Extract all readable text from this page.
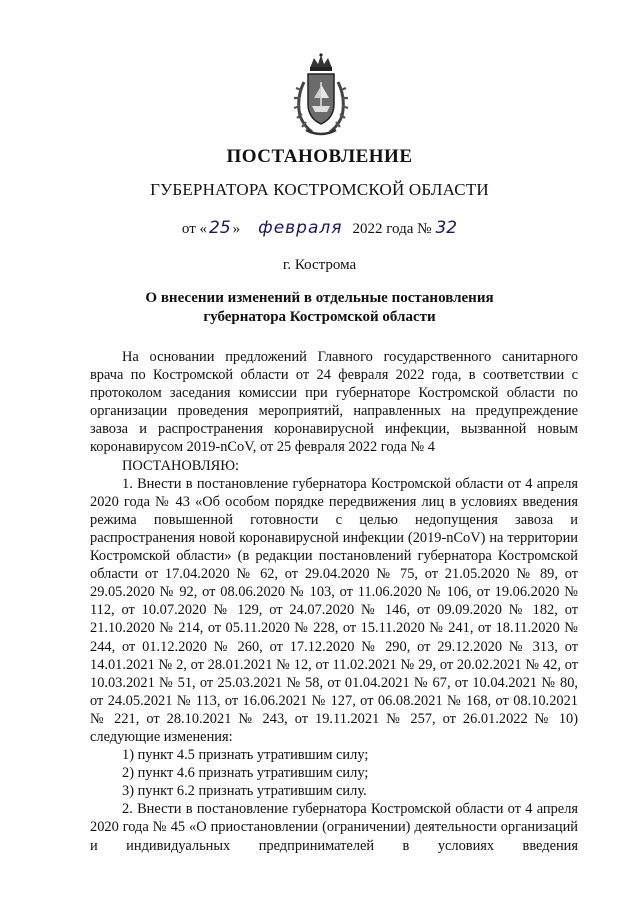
ПОСТАНОВЛЕНИЕ
ГУБЕРНАТОРА КОСТРОМСКОЙ ОБЛАСТИ
от « 25 » февраля 2022 года № 32
г. Кострома
О внесении изменений в отдельные постановления
губернатора Костромской области

На основании предложений Главного государственного санитарного врача по Костромской области от 24 февраля 2022 года, в соответствии с протоколом заседания комиссии при губернаторе Костромской области по организации проведения мероприятий, направленных на предупреждение завоза и распространения коронавирусной инфекции, вызванной новым коронавирусом 2019-nCoV, от 25 февраля 2022 года № 4

ПОСТАНОВЛЯЮ:

1. Внести в постановление губернатора Костромской области от 4 апреля 2020 года № 43 «Об особом порядке передвижения лиц в условиях введения режима повышенной готовности с целью недопущения завоза и распространения новой коронавирусной инфекции (2019-nCoV) на территории Костромской области» (в редакции постановлений губернатора Костромской области от 17.04.2020 № 62, от 29.04.2020 № 75, от 21.05.2020 № 89, от 29.05.2020 № 92, от 08.06.2020 № 103, от 11.06.2020 № 106, от 19.06.2020 № 112, от 10.07.2020 № 129, от 24.07.2020 № 146, от 09.09.2020 № 182, от 21.10.2020 № 214, от 05.11.2020 № 228, от 15.11.2020 № 241, от 18.11.2020 № 244, от 01.12.2020 № 260, от 17.12.2020 № 290, от 29.12.2020 № 313, от 14.01.2021 № 2, от 28.01.2021 № 12, от 11.02.2021 № 29, от 20.02.2021 № 42, от 10.03.2021 № 51, от 25.03.2021 № 58, от 01.04.2021 № 67, от 10.04.2021 № 80, от 24.05.2021 № 113, от 16.06.2021 № 127, от 06.08.2021 № 168, от 08.10.2021 № 221, от 28.10.2021 № 243, от 19.11.2021 № 257, от 26.01.2022 № 10) следующие изменения:

1) пункт 4.5 признать утратившим силу;

2) пункт 4.6 признать утратившим силу;

3) пункт 6.2 признать утратившим силу.

2. Внести в постановление губернатора Костромской области от 4 апреля 2020 года № 45 «О приостановлении (ограничении) деятельности организаций и индивидуальных предпринимателей в условиях введения
